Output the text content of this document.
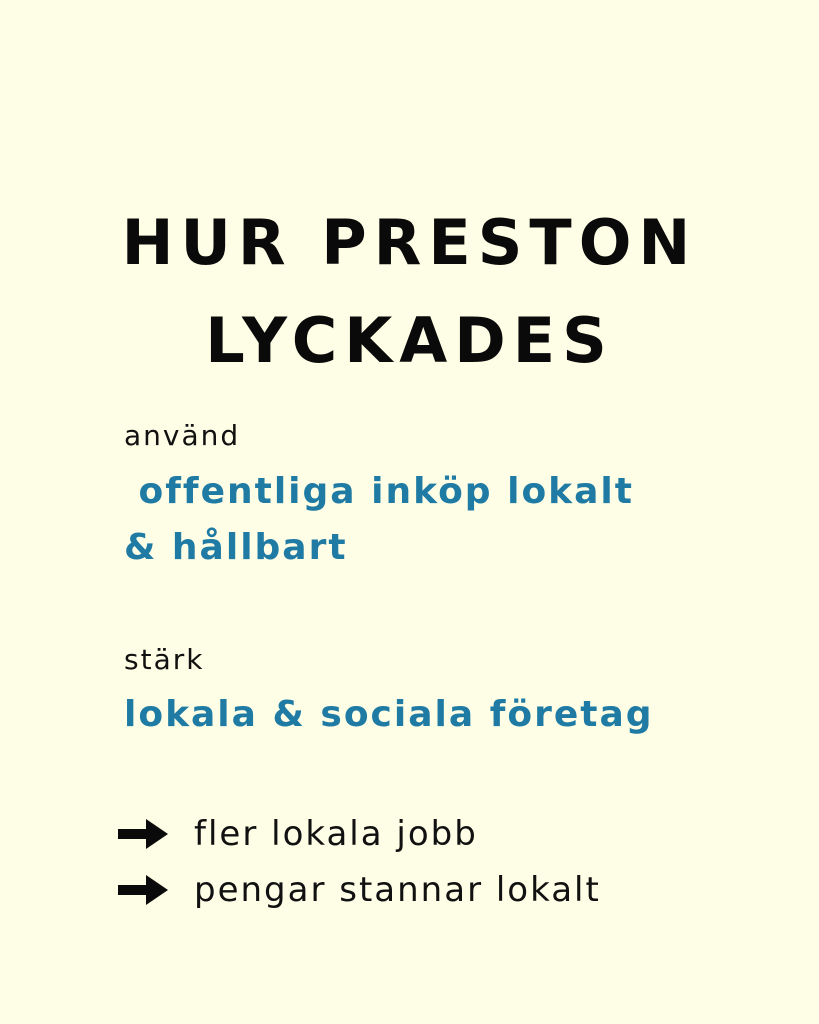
HUR PRESTON
LYCKADES
använd
offentliga inköp lokalt
& hållbart
stärk
lokala & sociala företag
fler lokala jobb
pengar stannar lokalt
